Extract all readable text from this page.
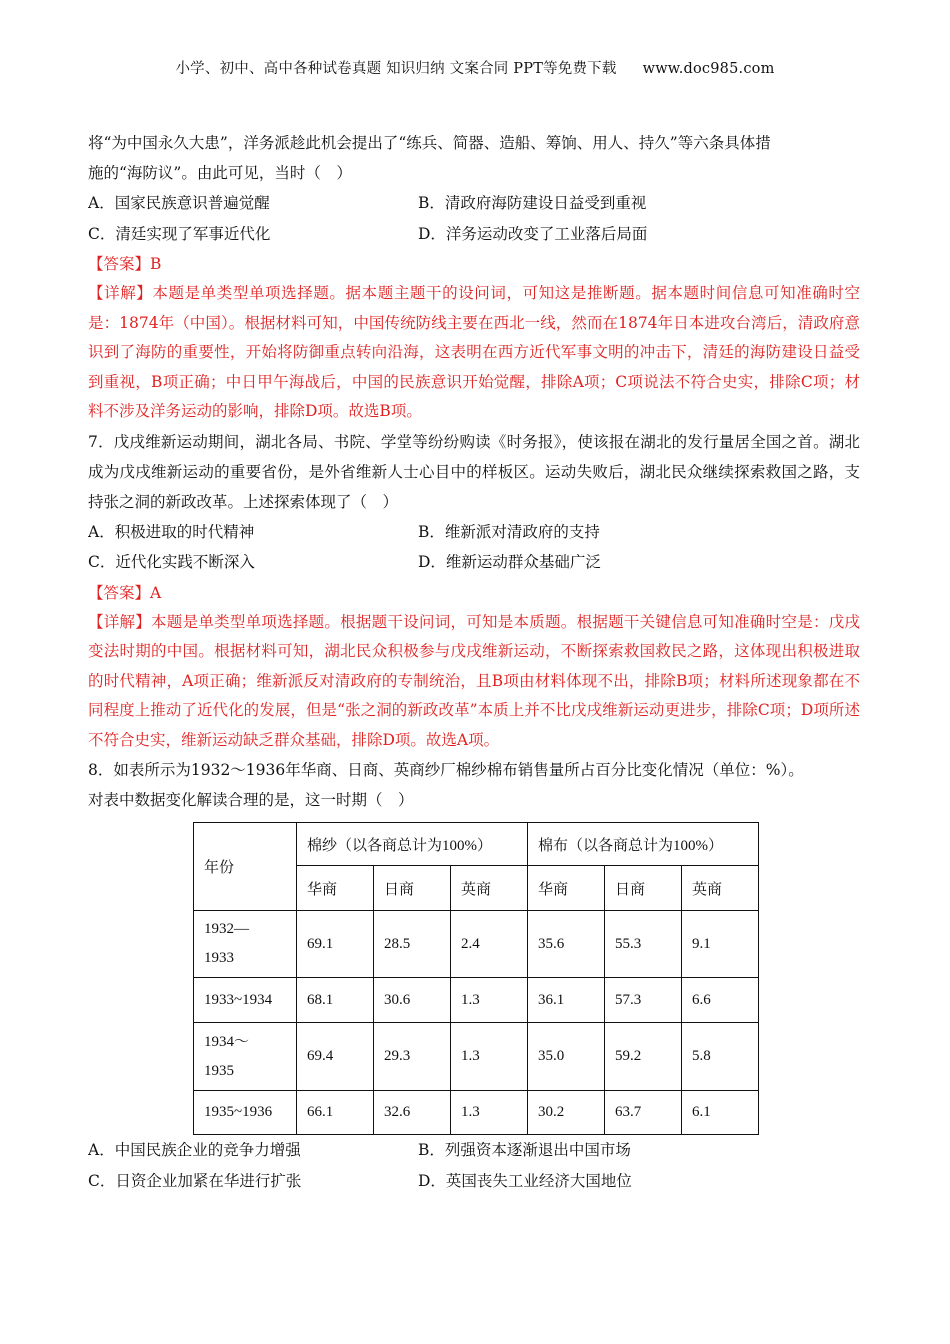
小学、初中、高中各种试卷真题 知识归纳 文案合同 PPT等免费下载 www.doc985.com
将“为中国永久大患”，洋务派趁此机会提出了“练兵、简器、造船、筹饷、用人、持久”等六条具体措
施的“海防议”。由此可见，当时（　）
A．国家民族意识普遍觉醒	B．清政府海防建设日益受到重视
C．清廷实现了军事近代化	D．洋务运动改变了工业落后局面
【答案】B
【详解】本题是单类型单项选择题。据本题主题干的设问词，可知这是推断题。据本题时间信息可知准确时空是：1874年（中国）。根据材料可知，中国传统防线主要在西北一线，然而在1874年日本进攻台湾后，清政府意识到了海防的重要性，开始将防御重点转向沿海，这表明在西方近代军事文明的冲击下，清廷的海防建设日益受到重视，B项正确；中日甲午海战后，中国的民族意识开始觉醒，排除A项；C项说法不符合史实，排除C项；材料不涉及洋务运动的影响，排除D项。故选B项。
7．戊戌维新运动期间，湖北各局、书院、学堂等纷纷购读《时务报》，使该报在湖北的发行量居全国之首。湖北成为戊戌维新运动的重要省份，是外省维新人士心目中的样板区。运动失败后，湖北民众继续探索救国之路，支持张之洞的新政改革。上述探索体现了（　）
A．积极进取的时代精神	B．维新派对清政府的支持
C．近代化实践不断深入	D．维新运动群众基础广泛
【答案】A
【详解】本题是单类型单项选择题。根据题干设问词，可知是本质题。根据题干关键信息可知准确时空是：戊戌变法时期的中国。根据材料可知，湖北民众积极参与戊戌维新运动，不断探索救国救民之路，这体现出积极进取的时代精神，A项正确；维新派反对清政府的专制统治，且B项由材料体现不出，排除B项；材料所述现象都在不同程度上推动了近代化的发展，但是“张之洞的新政改革”本质上并不比戊戌维新运动更进步，排除C项；D项所述不符合史实，维新运动缺乏群众基础，排除D项。故选A项。
8．如表所示为1932～1936年华商、日商、英商纱厂棉纱棉布销售量所占百分比变化情况（单位：%）。
对表中数据变化解读合理的是，这一时期（　）
年份	棉纱（以各商总计为100%）			棉布（以各商总计为100%）		
	华商	日商	英商	华商	日商	英商
1932—
1933	69.1	28.5	2.4	35.6	55.3	9.1
1933~1934	68.1	30.6	1.3	36.1	57.3	6.6
1934～
1935	69.4	29.3	1.3	35.0	59.2	5.8
1935~1936	66.1	32.6	1.3	30.2	63.7	6.1
A．中国民族企业的竞争力增强	B．列强资本逐渐退出中国市场
C．日资企业加紧在华进行扩张	D．英国丧失工业经济大国地位
